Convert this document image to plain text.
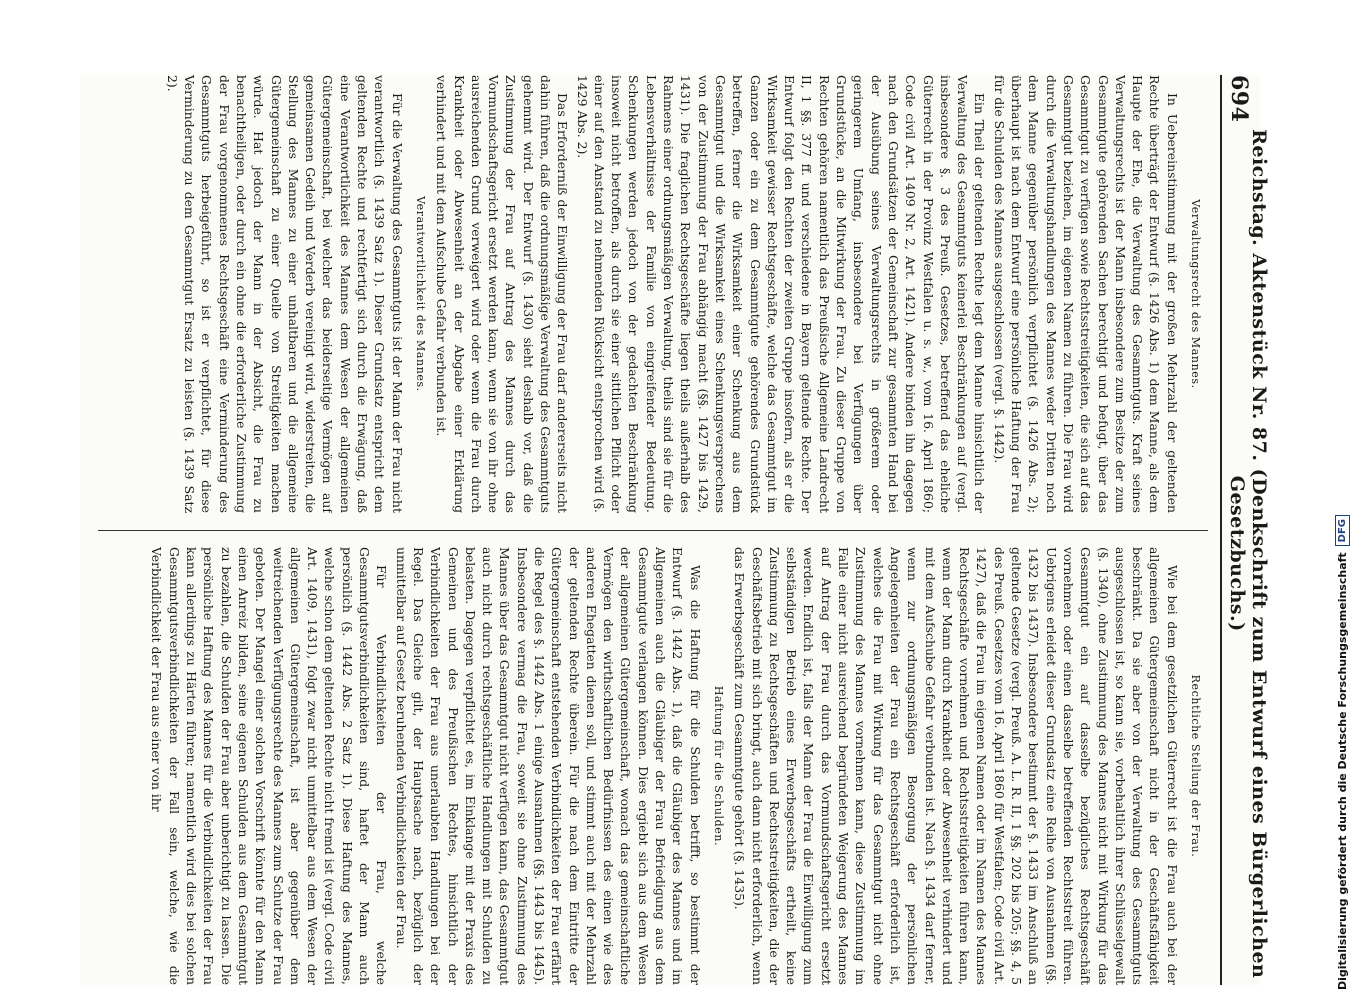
694
Reichstag. Aktenstück Nr. 87. (Denkschrift zum Entwurf eines Bürgerlichen Gesetzbuchs.)
Verwaltungsrecht des Mannes.

In Uebereinstimmung mit der großen Mehrzahl der geltenden Rechte überträgt der Entwurf (§. 1426 Abs. 1) dem Manne, als dem Haupte der Ehe, die Verwaltung des Gesammtguts. Kraft seines Verwaltungsrechts ist der Mann insbesondere zum Besitze der zum Gesammtgute gehörenden Sachen berechtigt und befugt, über das Gesammtgut zu verfügen sowie Rechtsstreitigkeiten, die sich auf das Gesammtgut beziehen, im eigenen Namen zu führen. Die Frau wird durch die Verwaltungshandlungen des Mannes weder Dritten noch dem Manne gegenüber persönlich verpflichtet (§. 1426 Abs. 2); überhaupt ist nach dem Entwurf eine persönliche Haftung der Frau für die Schulden des Mannes ausgeschlossen (vergl. §. 1442).

Ein Theil der geltenden Rechte legt dem Manne hinsichtlich der Verwaltung des Gesammtguts keinerlei Beschränkungen auf (vergl. insbesondere §. 3 des Preuß. Gesetzes, betreffend das eheliche Güterrecht in der Provinz Westfalen u. s. w., vom 16. April 1860; Code civil Art. 1409 Nr. 2, Art. 1421). Andere binden ihn dagegen nach den Grundsätzen der Gemeinschaft zur gesammten Hand bei der Ausübung seines Verwaltungsrechts in größerem oder geringerem Umfang, insbesondere bei Verfügungen über Grundstücke, an die Mitwirkung der Frau. Zu dieser Gruppe von Rechten gehören namentlich das Preußische Allgemeine Landrecht II, 1 §§. 377 ff. und verschiedene in Bayern geltende Rechte. Der Entwurf folgt den Rechten der zweiten Gruppe insofern, als er die Wirksamkeit gewisser Rechtsgeschäfte, welche das Gesammtgut im Ganzen oder ein zu dem Gesammtgute gehörendes Grundstück betreffen, ferner die Wirksamkeit einer Schenkung aus dem Gesammtgut und die Wirksamkeit eines Schenkungsversprechens von der Zustimmung der Frau abhängig macht (§§. 1427 bis 1429, 1431). Die fraglichen Rechtsgeschäfte liegen theils außerhalb des Rahmens einer ordnungsmäßigen Verwaltung, theils sind sie für die Lebensverhältnisse der Familie von eingreifender Bedeutung. Schenkungen werden jedoch von der gedachten Beschränkung insoweit nicht betroffen, als durch sie einer sittlichen Pflicht oder einer auf den Anstand zu nehmenden Rücksicht entsprochen wird (§. 1429 Abs. 2).

Das Erforderniß der Einwilligung der Frau darf andererseits nicht dahin führen, daß die ordnungsmäßige Verwaltung des Gesammtguts gehemmt wird. Der Entwurf (§. 1430) sieht deshalb vor, daß die Zustimmung der Frau auf Antrag des Mannes durch das Vormundschaftsgericht ersetzt werden kann, wenn sie von ihr ohne ausreichenden Grund verweigert wird oder wenn die Frau durch Krankheit oder Abwesenheit an der Abgabe einer Erklärung verhindert und mit dem Aufschube Gefahr verbunden ist.

Verantwortlichkeit des Mannes.

Für die Verwaltung des Gesammtguts ist der Mann der Frau nicht verantwortlich (§. 1439 Satz 1). Dieser Grundsatz entspricht dem geltenden Rechte und rechtfertigt sich durch die Erwägung, daß eine Verantwortlichkeit des Mannes dem Wesen der allgemeinen Gütergemeinschaft, bei welcher das beiderseitige Vermögen auf gemeinsamen Gedeih und Verderb vereinigt wird, widerstreiten, die Stellung des Mannes zu einer unhaltbaren und die allgemeine Gütergemeinschaft zu einer Quelle von Streitigkeiten machen würde. Hat jedoch der Mann in der Absicht, die Frau zu benachtheiligen, oder durch ein ohne die erforderliche Zustimmung der Frau vorgenommenes Rechtsgeschäft eine Verminderung des Gesammtguts herbeigeführt, so ist er verpflichtet, für diese Verminderung zu dem Gesammtgut Ersatz zu leisten (§. 1439 Satz 2).

Rechtliche Stellung der Frau.

Wie bei dem gesetzlichen Güterrecht ist die Frau auch bei der allgemeinen Gütergemeinschaft nicht in der Geschäftsfähigkeit beschränkt. Da sie aber von der Verwaltung des Gesammtguts ausgeschlossen ist, so kann sie, vorbehaltlich ihrer Schlüsselgewalt (§. 1340), ohne Zustimmung des Mannes nicht mit Wirkung für das Gesammtgut ein auf dasselbe bezügliches Rechtsgeschäft vornehmen oder einen dasselbe betreffenden Rechtsstreit führen. Uebrigens erleidet dieser Grundsatz eine Reihe von Ausnahmen (§§. 1432 bis 1437). Insbesondere bestimmt der §. 1433 im Anschluß an geltende Gesetze (vergl. Preuß. A. L. R. II, 1 §§. 202 bis 205; §§. 4, 5 des Preuß. Gesetzes vom 16. April 1860 für Westfalen; Code civil Art. 1427), daß die Frau im eigenen Namen oder im Namen des Mannes Rechtsgeschäfte vornehmen und Rechtsstreitigkeiten führen kann, wenn der Mann durch Krankheit oder Abwesenheit verhindert und mit dem Aufschube Gefahr verbunden ist. Nach §. 1434 darf ferner, wenn zur ordnungsmäßigen Besorgung der persönlichen Angelegenheiten der Frau ein Rechtsgeschäft erforderlich ist, welches die Frau mit Wirkung für das Gesammtgut nicht ohne Zustimmung des Mannes vornehmen kann, diese Zustimmung im Falle einer nicht ausreichend begründeten Weigerung des Mannes auf Antrag der Frau durch das Vormundschaftsgericht ersetzt werden. Endlich ist, falls der Mann der Frau die Einwilligung zum selbständigen Betrieb eines Erwerbsgeschäfts ertheilt, keine Zustimmung zu Rechtsgeschäften und Rechtsstreitigkeiten, die der Geschäftsbetrieb mit sich bringt, auch dann nicht erforderlich, wenn das Erwerbsgeschäft zum Gesammtgute gehört (§. 1435).

Haftung für die Schulden.

Was die Haftung für die Schulden betrifft, so bestimmt der Entwurf (§. 1442 Abs. 1), daß die Gläubiger des Mannes und im Allgemeinen auch die Gläubiger der Frau Befriedigung aus dem Gesammtgute verlangen können. Dies ergiebt sich aus dem Wesen der allgemeinen Gütergemeinschaft, wonach das gemeinschaftliche Vermögen den wirthschaftlichen Bedürfnissen des einen wie des anderen Ehegatten dienen soll, und stimmt auch mit der Mehrzahl der geltenden Rechte überein. Für die nach dem Eintritte der Gütergemeinschaft entstehenden Verbindlichkeiten der Frau erfährt die Regel des §. 1442 Abs. 1 einige Ausnahmen (§§. 1443 bis 1445). Insbesondere vermag die Frau, soweit sie ohne Zustimmung des Mannes über das Gesammtgut nicht verfügen kann, das Gesammtgut auch nicht durch rechtsgeschäftliche Handlungen mit Schulden zu belasten. Dagegen verpflichtet es, im Einklange mit der Praxis des Gemeinen und des Preußischen Rechtes, hinsichtlich der Verbindlichkeiten der Frau aus unerlaubten Handlungen bei der Regel. Das Gleiche gilt, der Hauptsache nach, bezüglich der unmittelbar auf Gesetz beruhenden Verbindlichkeiten der Frau.

Für Verbindlichkeiten der Frau, welche Gesammtgutsverbindlichkeiten sind, haftet der Mann auch persönlich (§. 1442 Abs. 2 Satz 1). Diese Haftung des Mannes, welche schon dem geltenden Rechte nicht fremd ist (vergl. Code civil Art. 1409, 1431), folgt zwar nicht unmittelbar aus dem Wesen der allgemeinen Gütergemeinschaft, ist aber gegenüber dem weitreichenden Verfügungsrechte des Mannes zum Schutze der Frau geboten. Der Mangel einer solchen Vorschrift könnte für den Mann einen Anreiz bilden, seine eigenen Schulden aus dem Gesammtgut zu bezahlen, die Schulden der Frau aber unberichtigt zu lassen. Die persönliche Haftung des Mannes für die Verbindlichkeiten der Frau kann allerdings zu Härten führen; namentlich wird dies bei solchen Gesammtgutsverbindlichkeiten der Fall sein, welche, wie die Verbindlichkeit der Frau aus einer von ihr	Digitalisierung gefördert durch die Deutsche Forschungsgemeinschaft
DFG
